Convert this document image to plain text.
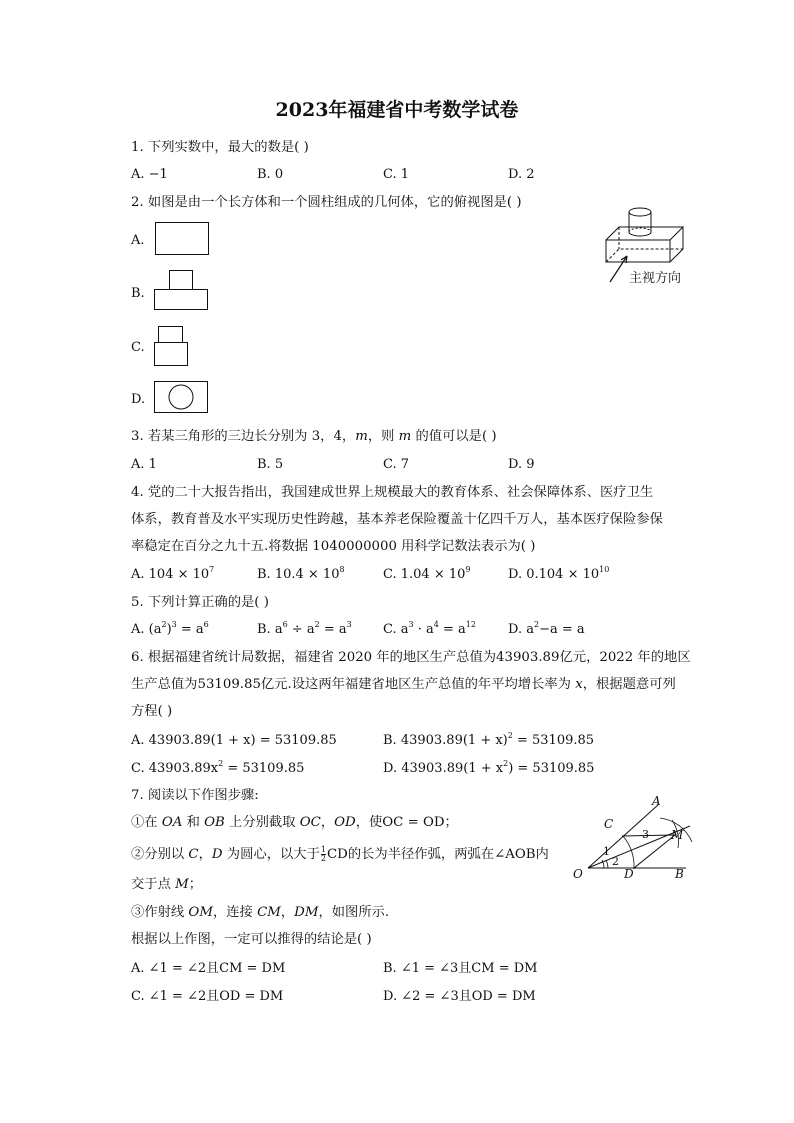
2023年福建省中考数学试卷
1. 下列实数中，最大的数是( )
A. −1	B. 0	C. 1	D. 2
2. 如图是由一个长方体和一个圆柱组成的几何体，它的俯视图是( )
A.
B.
C.
D.
主视方向
3. 若某三角形的三边长分别为 3，4，m，则 m 的值可以是( )
A. 1	B. 5	C. 7	D. 9
4. 党的二十大报告指出，我国建成世界上规模最大的教育体系、社会保障体系、医疗卫生
体系，教育普及水平实现历史性跨越，基本养老保险覆盖十亿四千万人，基本医疗保险参保
率稳定在百分之九十五.将数据 1040000000 用科学记数法表示为( )
A. $104 \times 10^7$	B. $10.4 \times 10^8$	C. $1.04 \times 10^9$	D. $0.104 \times 10^{10}$
5. 下列计算正确的是( )
A. $(a^2)^3 = a^6$	B. $a^6 \div a^2 = a^3$ C. $a^3 \cdot a^4 = a^{12}$ D. $a^2-a = a$
6. 根据福建省统计局数据，福建省 2020 年的地区生产总值为43903.89亿元，2022 年的地区
生产总值为53109.85亿元.设这两年福建省地区生产总值的年平均增长率为 x，根据题意可列
方程( )
A. 43903.89(1 + x) = 53109.85	B. $43903.89(1 + x)^2 = 53109.85$
C. $43903.89x^2 = 53109.85$	D. $43903.89(1 + x^2) = 53109.85$
7. 阅读以下作图步骤:
①在 OA 和 OB 上分别截取 OC，OD，使OC = OD；
②分别以 C，D 为圆心，以大于 $\frac{1}{2}$ CD的长为半径作弧，两弧在∠AOB内
交于点 M；
③作射线 OM，连接 CM，DM，如图所示.
根据以上作图，一定可以推得的结论是( )
A. ∠1 = ∠2且CM = DM	B. ∠1 = ∠3且CM = DM
C. ∠1 = ∠2且OD = DM	D. ∠2 = ∠3且OD = DM
A
C
M
3
1
2
O	D	B
